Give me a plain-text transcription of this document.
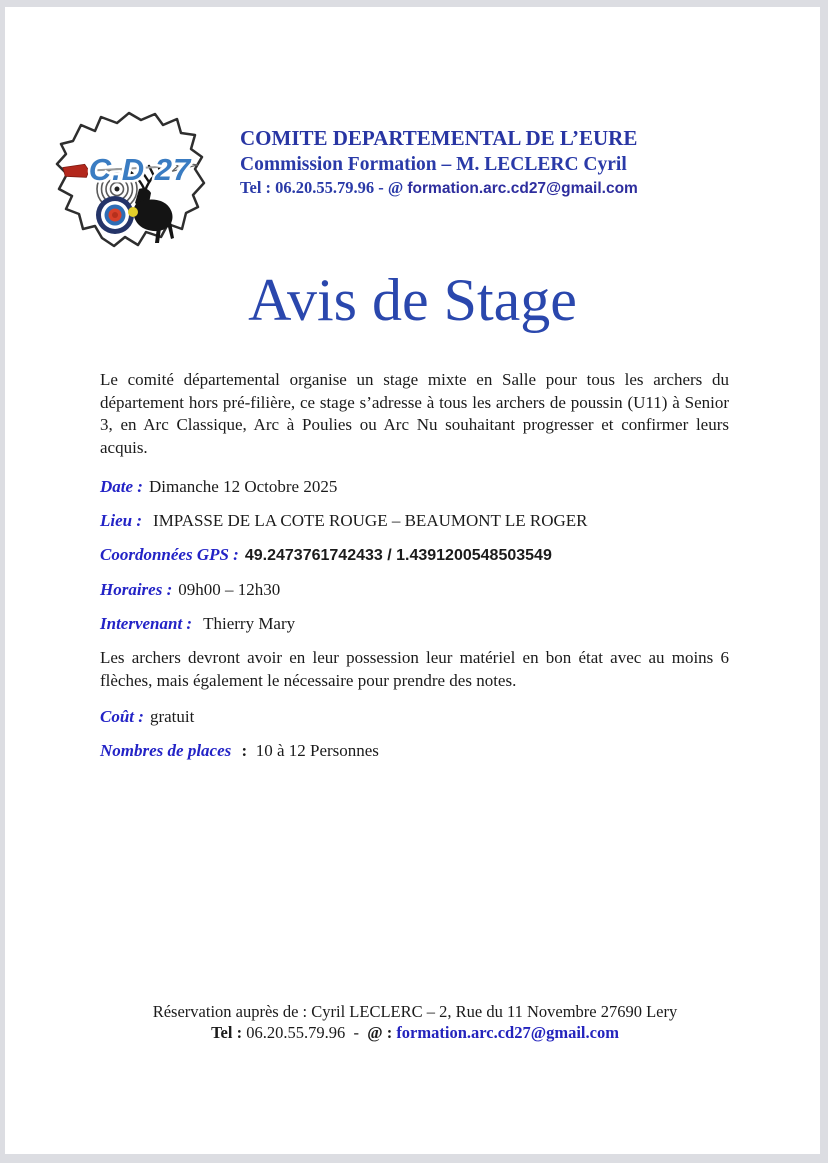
C.D 27
COMITE DEPARTEMENTAL DE L’EURE
Commission Formation – M. LECLERC Cyril
Tel : 06.20.55.79.96 - @ formation.arc.cd27@gmail.com
Avis de Stage

Le comité départemental organise un stage mixte en Salle pour tous les archers du département hors pré-filière, ce stage s’adresse à tous les archers de poussin (U11) à Senior 3, en Arc Classique, Arc à Poulies ou Arc Nu souhaitant progresser et confirmer leurs acquis.

Date : Dimanche 12 Octobre 2025
Lieu : IMPASSE DE LA COTE ROUGE – BEAUMONT LE ROGER
Coordonnées GPS : 49.2473761742433 / 1.4391200548503549
Horaires : 09h00 – 12h30
Intervenant : Thierry Mary

Les archers devront avoir en leur possession leur matériel en bon état avec au moins 6 flèches, mais également le nécessaire pour prendre des notes.

Coût : gratuit
Nombres de places :  10 à 12 Personnes
Réservation auprès de : Cyril LECLERC – 2, Rue du 11 Novembre 27690 Lery
Tel : 06.20.55.79.96  -  @ : formation.arc.cd27@gmail.com
